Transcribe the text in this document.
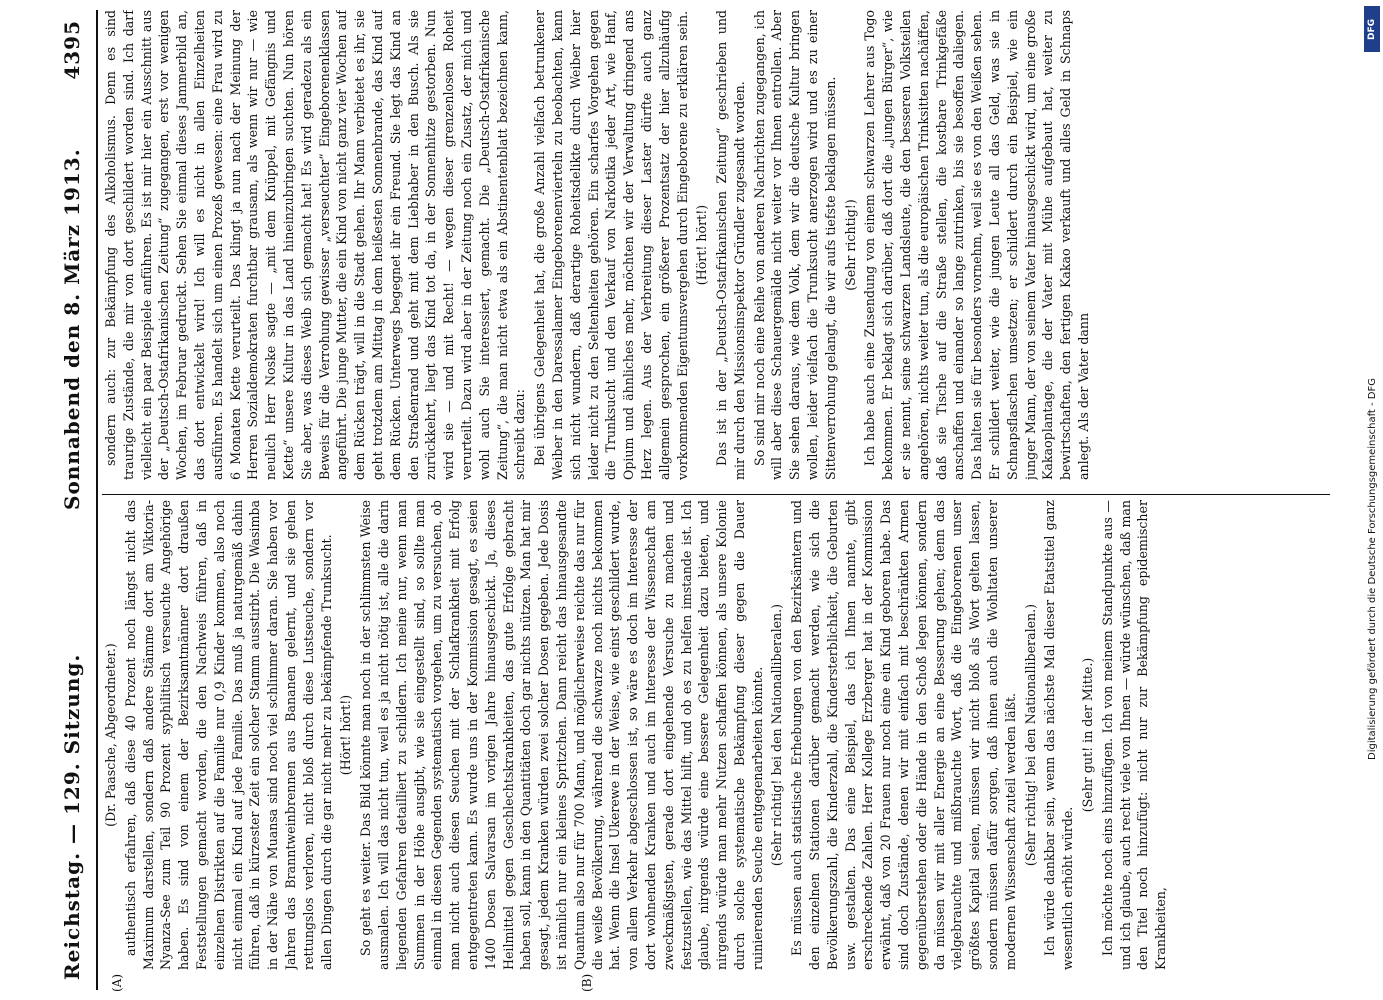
Reichstag. — 129. Sitzung.
Sonnabend den 8. März 1913.
4395
(A)	(B)

(Dr. Paasche, Abgeordneter.) authentisch erfahren, daß diese 40 Prozent noch längst nicht das Maximum darstellen, sondern daß andere Stämme dort am Viktoria-Nyanza-See zum Teil 90 Prozent syphilitisch verseuchte Angehörige haben. Es sind von einem der Bezirksamtmänner dort draußen Feststellungen gemacht worden, die den Nachweis führen, daß in einzelnen Distrikten auf die Familie nur 0,9 Kinder kommen, also noch nicht einmal ein Kind auf jede Familie. Das muß ja naturgemäß dahin führen, daß in kürzester Zeit ein solcher Stamm ausstirbt. Die Wasimba in der Nähe von Muansa sind noch viel schlimmer daran. Sie haben vor Jahren das Branntweinbrennen aus Bananen gelernt, und sie gehen rettungslos verloren, nicht bloß durch diese Lustseuche, sondern vor allen Dingen durch die gar nicht mehr zu bekämpfende Trunksucht. (Hört! hört!) So geht es weiter. Das Bild könnte man noch in der schlimmsten Weise ausmalen. Ich will das nicht tun, weil es ja nicht nötig ist, alle die darin liegenden Gefahren detailliert zu schildern. Ich meine nur, wenn man Summen in der Höhe ausgibt, wie sie eingestellt sind, so sollte man einmal in diesen Gegenden systematisch vorgehen, um zu versuchen, ob man nicht auch diesen Seuchen mit der Schlafkrankheit mit Erfolg entgegentreten kann. Es wurde uns in der Kommission gesagt, es seien 1400 Dosen Salvarsan im vorigen Jahre hinausgeschickt. Ja, dieses Heilmittel gegen Geschlechtskrankheiten, das gute Erfolge gebracht haben soll, kann in den Quantitäten doch gar nichts nützen. Man hat mir gesagt, jedem Kranken würden zwei solcher Dosen gegeben. Jede Dosis ist nämlich nur ein kleines Spritzchen. Dann reicht das hinausgesandte Quantum also nur für 700 Mann, und möglicherweise reichte das nur für die weiße Bevölkerung, während die schwarze noch nichts bekommen hat. Wenn die Insel Ukerewe in der Weise, wie einst geschildert wurde, von allem Verkehr abgeschlossen ist, so wäre es doch im Interesse der dort wohnenden Kranken und auch im Interesse der Wissenschaft am zweckmäßigsten, gerade dort eingehende Versuche zu machen und festzustellen, wie das Mittel hilft, und ob es zu helfen imstande ist. Ich glaube, nirgends würde eine bessere Gelegenheit dazu bieten, und nirgends würde man mehr Nutzen schaffen können, als unsere Kolonie durch solche systematische Bekämpfung dieser gegen die Dauer ruinierenden Seuche entgegenarbeiten könnte. (Sehr richtig! bei den Nationalliberalen.) Es müssen auch statistische Erhebungen von den Bezirksämtern und den einzelnen Stationen darüber gemacht werden, wie sich die Bevölkerungszahl, die Kinderzahl, die Kindersterblichkeit, die Geburten usw. gestalten. Das eine Beispiel, das ich Ihnen nannte, gibt erschreckende Zahlen. Herr Kollege Erzberger hat in der Kommission erwähnt, daß von 20 Frauen nur noch eine ein Kind geboren habe. Das sind doch Zustände, denen wir mit einfach mit beschränkten Armen gegenüberstehen oder die Hände in den Schoß legen können, sondern da müssen wir mit aller Energie an eine Besserung gehen; denn das vielgebrauchte und mißbrauchte Wort, daß die Eingeborenen unser größtes Kapital seien, müssen wir nicht bloß als Wort gelten lassen, sondern müssen dafür sorgen, daß ihnen auch die Wohltaten unserer modernen Wissenschaft zuteil werden läßt. (Sehr richtig! bei den Nationalliberalen.) Ich würde dankbar sein, wenn das nächste Mal dieser Etatstitel ganz wesentlich erhöht würde.

(Sehr gut! in der Mitte.) Ich möchte noch eins hinzufügen. Ich von meinem Standpunkte aus — und ich glaube, auch recht viele von Ihnen — würde wünschen, daß man den Titel noch hinzufügt: nicht nur zur Bekämpfung epidemischer Krankheiten,

sondern auch: zur Bekämpfung des Alkoholismus. Denn es sind traurige Zustände, die mir von dort geschildert worden sind. Ich darf vielleicht ein paar Beispiele anführen. Es ist mir hier ein Ausschnitt aus der „Deutsch-Ostafrikanischen Zeitung“ zugegangen, erst vor wenigen Wochen, im Februar gedruckt. Sehen Sie einmal dieses Jammerbild an, das dort entwickelt wird! Ich will es nicht in allen Einzelheiten ausführen. Es handelt sich um einen Prozeß gewesen: eine Frau wird zu 6 Monaten Kette verurteilt. Das klingt ja nun nach der Meinung der Herren Sozialdemokraten furchtbar grausam, als wenn wir nur — wie neulich Herr Noske sagte — „mit dem Knüppel, mit Gefängnis und Kette“ unsere Kultur in das Land hineinzubringen suchten. Nun hören Sie aber, was dieses Weib sich gemacht hat! Es wird geradezu als ein Beweis für die Verrohung gewisser „verseuchter“ Eingeborenenklassen angeführt. Die junge Mutter, die ein Kind von nicht ganz vier Wochen auf dem Rücken trägt, will in die Stadt gehen. Ihr Mann verbietet es ihr, sie geht trotzdem am Mittag in dem heißesten Sonnenbrande, das Kind auf dem Rücken. Unterwegs begegnet ihr ein Freund. Sie legt das Kind an den Straßenrand und geht mit dem Liebhaber in den Busch. Als sie zurückkehrt, liegt das Kind tot da, in der Sonnenhitze gestorben. Nun wird sie — und mit Recht! — wegen dieser grenzenlosen Roheit verurteilt. Dazu wird aber in der Zeitung noch ein Zusatz, der mich und wohl auch Sie interessiert, gemacht. Die „Deutsch-Ostafrikanische Zeitung“, die man nicht etwa als ein Abstinentenblatt bezeichnen kann, schreibt dazu: Bei übrigens Gelegenheit hat, die große Anzahl vielfach betrunkener Weiber in den Daressalamer Eingeborenenvierteln zu beobachten, kann sich nicht wundern, daß derartige Roheitsdelikte durch Weiber hier leider nicht zu den Seltenheiten gehören. Ein scharfes Vorgehen gegen die Trunksucht und den Verkauf von Narkotika jeder Art, wie Hanf, Opium und ähnliches mehr, möchten wir der Verwaltung dringend ans Herz legen. Aus der Verbreitung dieser Laster dürfte auch ganz allgemein gesprochen, ein größerer Prozentsatz der hier allzuhäufig vorkommenden Eigentumsvergehen durch Eingeborene zu erklären sein. (Hört! hört!) Das ist in der „Deutsch-Ostafrikanischen Zeitung“ geschrieben und mir durch den Missionsinspektor Gründler zugesandt worden. So sind mir noch eine Reihe von anderen Nachrichten zugegangen, ich will aber diese Schauergemälde nicht weiter vor Ihnen entrollen. Aber Sie sehen daraus, wie dem Volk, dem wir die deutsche Kultur bringen wollen, leider vielfach die Trunksucht anerzogen wird und es zu einer Sittenverrohung gelangt, die wir aufs tiefste beklagen müssen. (Sehr richtig!) Ich habe auch eine Zusendung von einem schwarzen Lehrer aus Togo bekommen. Er beklagt sich darüber, daß dort die „jungen Bürger“, wie er sie nennt, seine schwarzen Landsleute, die den besseren Volksteilen angehören, nichts weiter tun, als die europäischen Trinksitten nachäffen, daß sie Tische auf die Straße stellen, die kostbare Trinkgefäße anschaffen und einander so lange zutrinken, bis sie besoffen daliegen. Das halten sie für besonders vornehm, weil sie es von den Weißen sehen. Er schildert weiter, wie die jungen Leute all das Geld, was sie in Schnapsflaschen umsetzen; er schildert durch ein Beispiel, wie ein junger Mann, der von seinem Vater hinausgeschickt wird, um eine große Kakaoplantage, die der Vater mit Mühe aufgebaut hat, weiter zu bewirtschaften, den fertigen Kakao verkauft und alles Geld in Schnaps anlegt. Als der Vater dann

DFG
Digitalisierung gefördert durch die Deutsche Forschungsgemeinschaft - DFG
